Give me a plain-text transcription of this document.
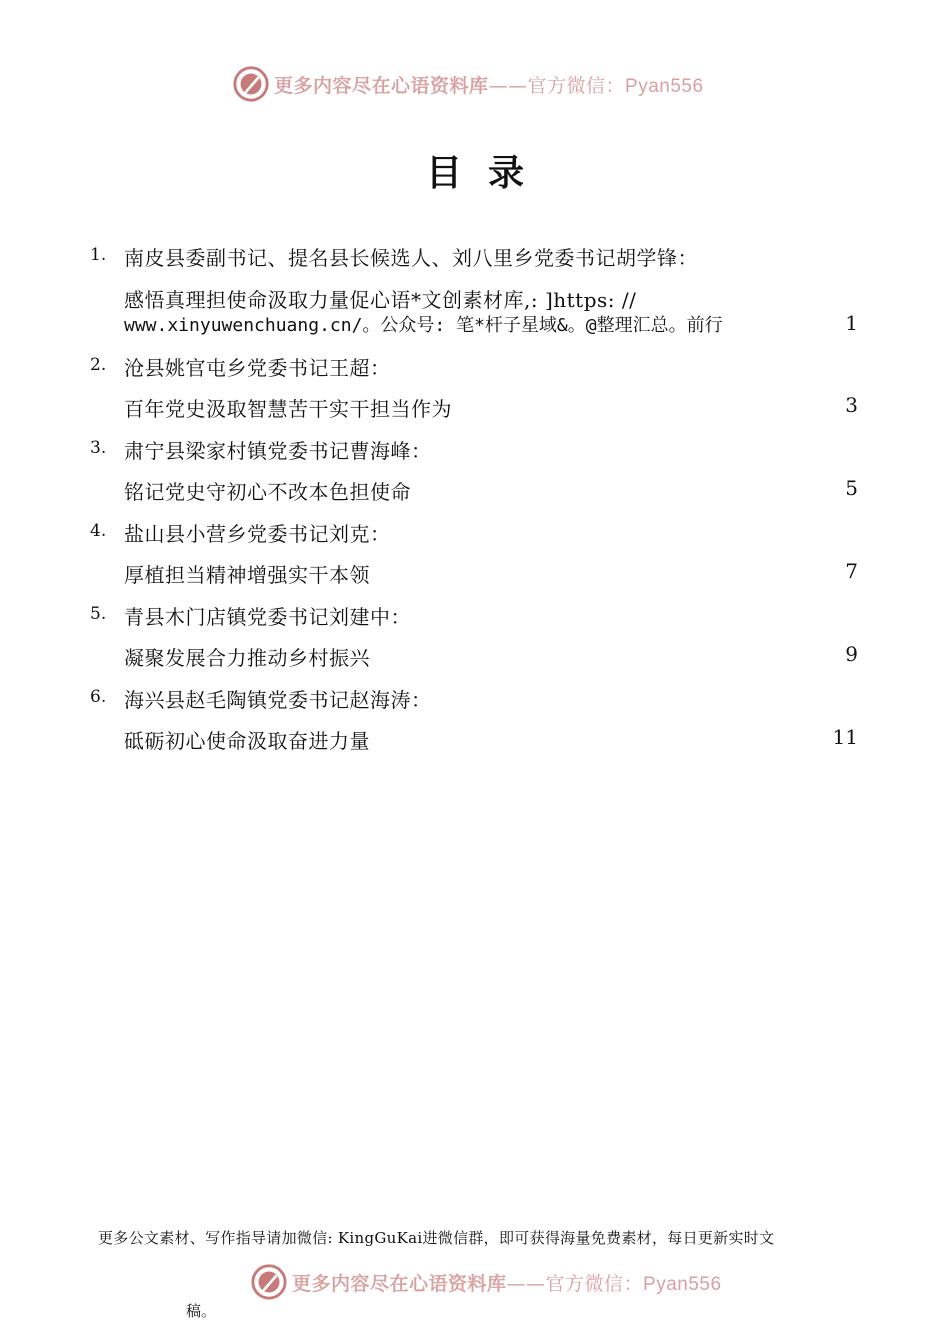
更多内容尽在心语资料库——官方微信：Pyan556
目录
1. 南皮县委副书记、提名县长候选人、刘八里乡党委书记胡学锋：
感悟真理担使命汲取力量促心语*文创素材库,: ]https: //
www.xinyuwenchuang.cn/。公众号: 笔*杆子星域&。@整理汇总。前行	1
2. 沧县姚官屯乡党委书记王超：
百年党史汲取智慧苦干实干担当作为	3
3. 肃宁县梁家村镇党委书记曹海峰：
铭记党史守初心不改本色担使命	5
4. 盐山县小营乡党委书记刘克：
厚植担当精神增强实干本领	7
5. 青县木门店镇党委书记刘建中：
凝聚发展合力推动乡村振兴	9
6. 海兴县赵毛陶镇党委书记赵海涛：
砥砺初心使命汲取奋进力量	11
更多公文素材、写作指导请加微信: KingGuKai进微信群，即可获得海量免费素材，每日更新实时文
更多内容尽在心语资料库——官方微信：Pyan556
稿。
